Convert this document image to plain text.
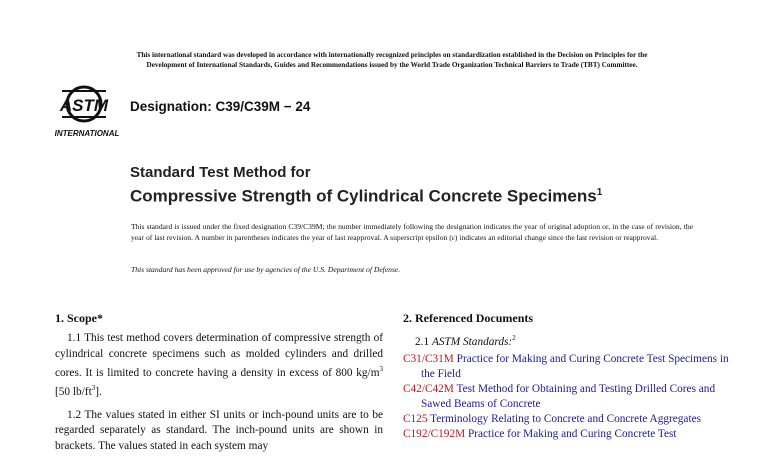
This international standard was developed in accordance with internationally recognized principles on standardization established in the Decision on Principles for the
Development of International Standards, Guides and Recommendations issued by the World Trade Organization Technical Barriers to Trade (TBT) Committee.
ASTM
INTERNATIONAL
Designation: C39/C39M − 24
Standard Test Method for
Compressive Strength of Cylindrical Concrete Specimens$^1$
This standard is issued under the fixed designation C39/C39M; the number immediately following the designation indicates the year of original adoption or, in the case of revision, the year of last revision. A number in parentheses indicates the year of last reapproval. A superscript epsilon (ε) indicates an editorial change since the last revision or reapproval.
This standard has been approved for use by agencies of the U.S. Department of Defense.
1. Scope*

1.1 This test method covers determination of compressive strength of cylindrical concrete specimens such as molded cylinders and drilled cores. It is limited to concrete having a density in excess of 800 $kg/m^3$ [50 $lb/ft^3$].

1.2 The values stated in either SI units or inch-pound units are to be regarded separately as standard. The inch-pound units are shown in brackets. The values stated in each system may

2. Referenced Documents

2.1 ASTM Standards:$^2$

C31/C31M Practice for Making and Curing Concrete Test Specimens in the Field

C42/C42M Test Method for Obtaining and Testing Drilled Cores and Sawed Beams of Concrete

C125 Terminology Relating to Concrete and Concrete Aggregates

C192/C192M Practice for Making and Curing Concrete Test
